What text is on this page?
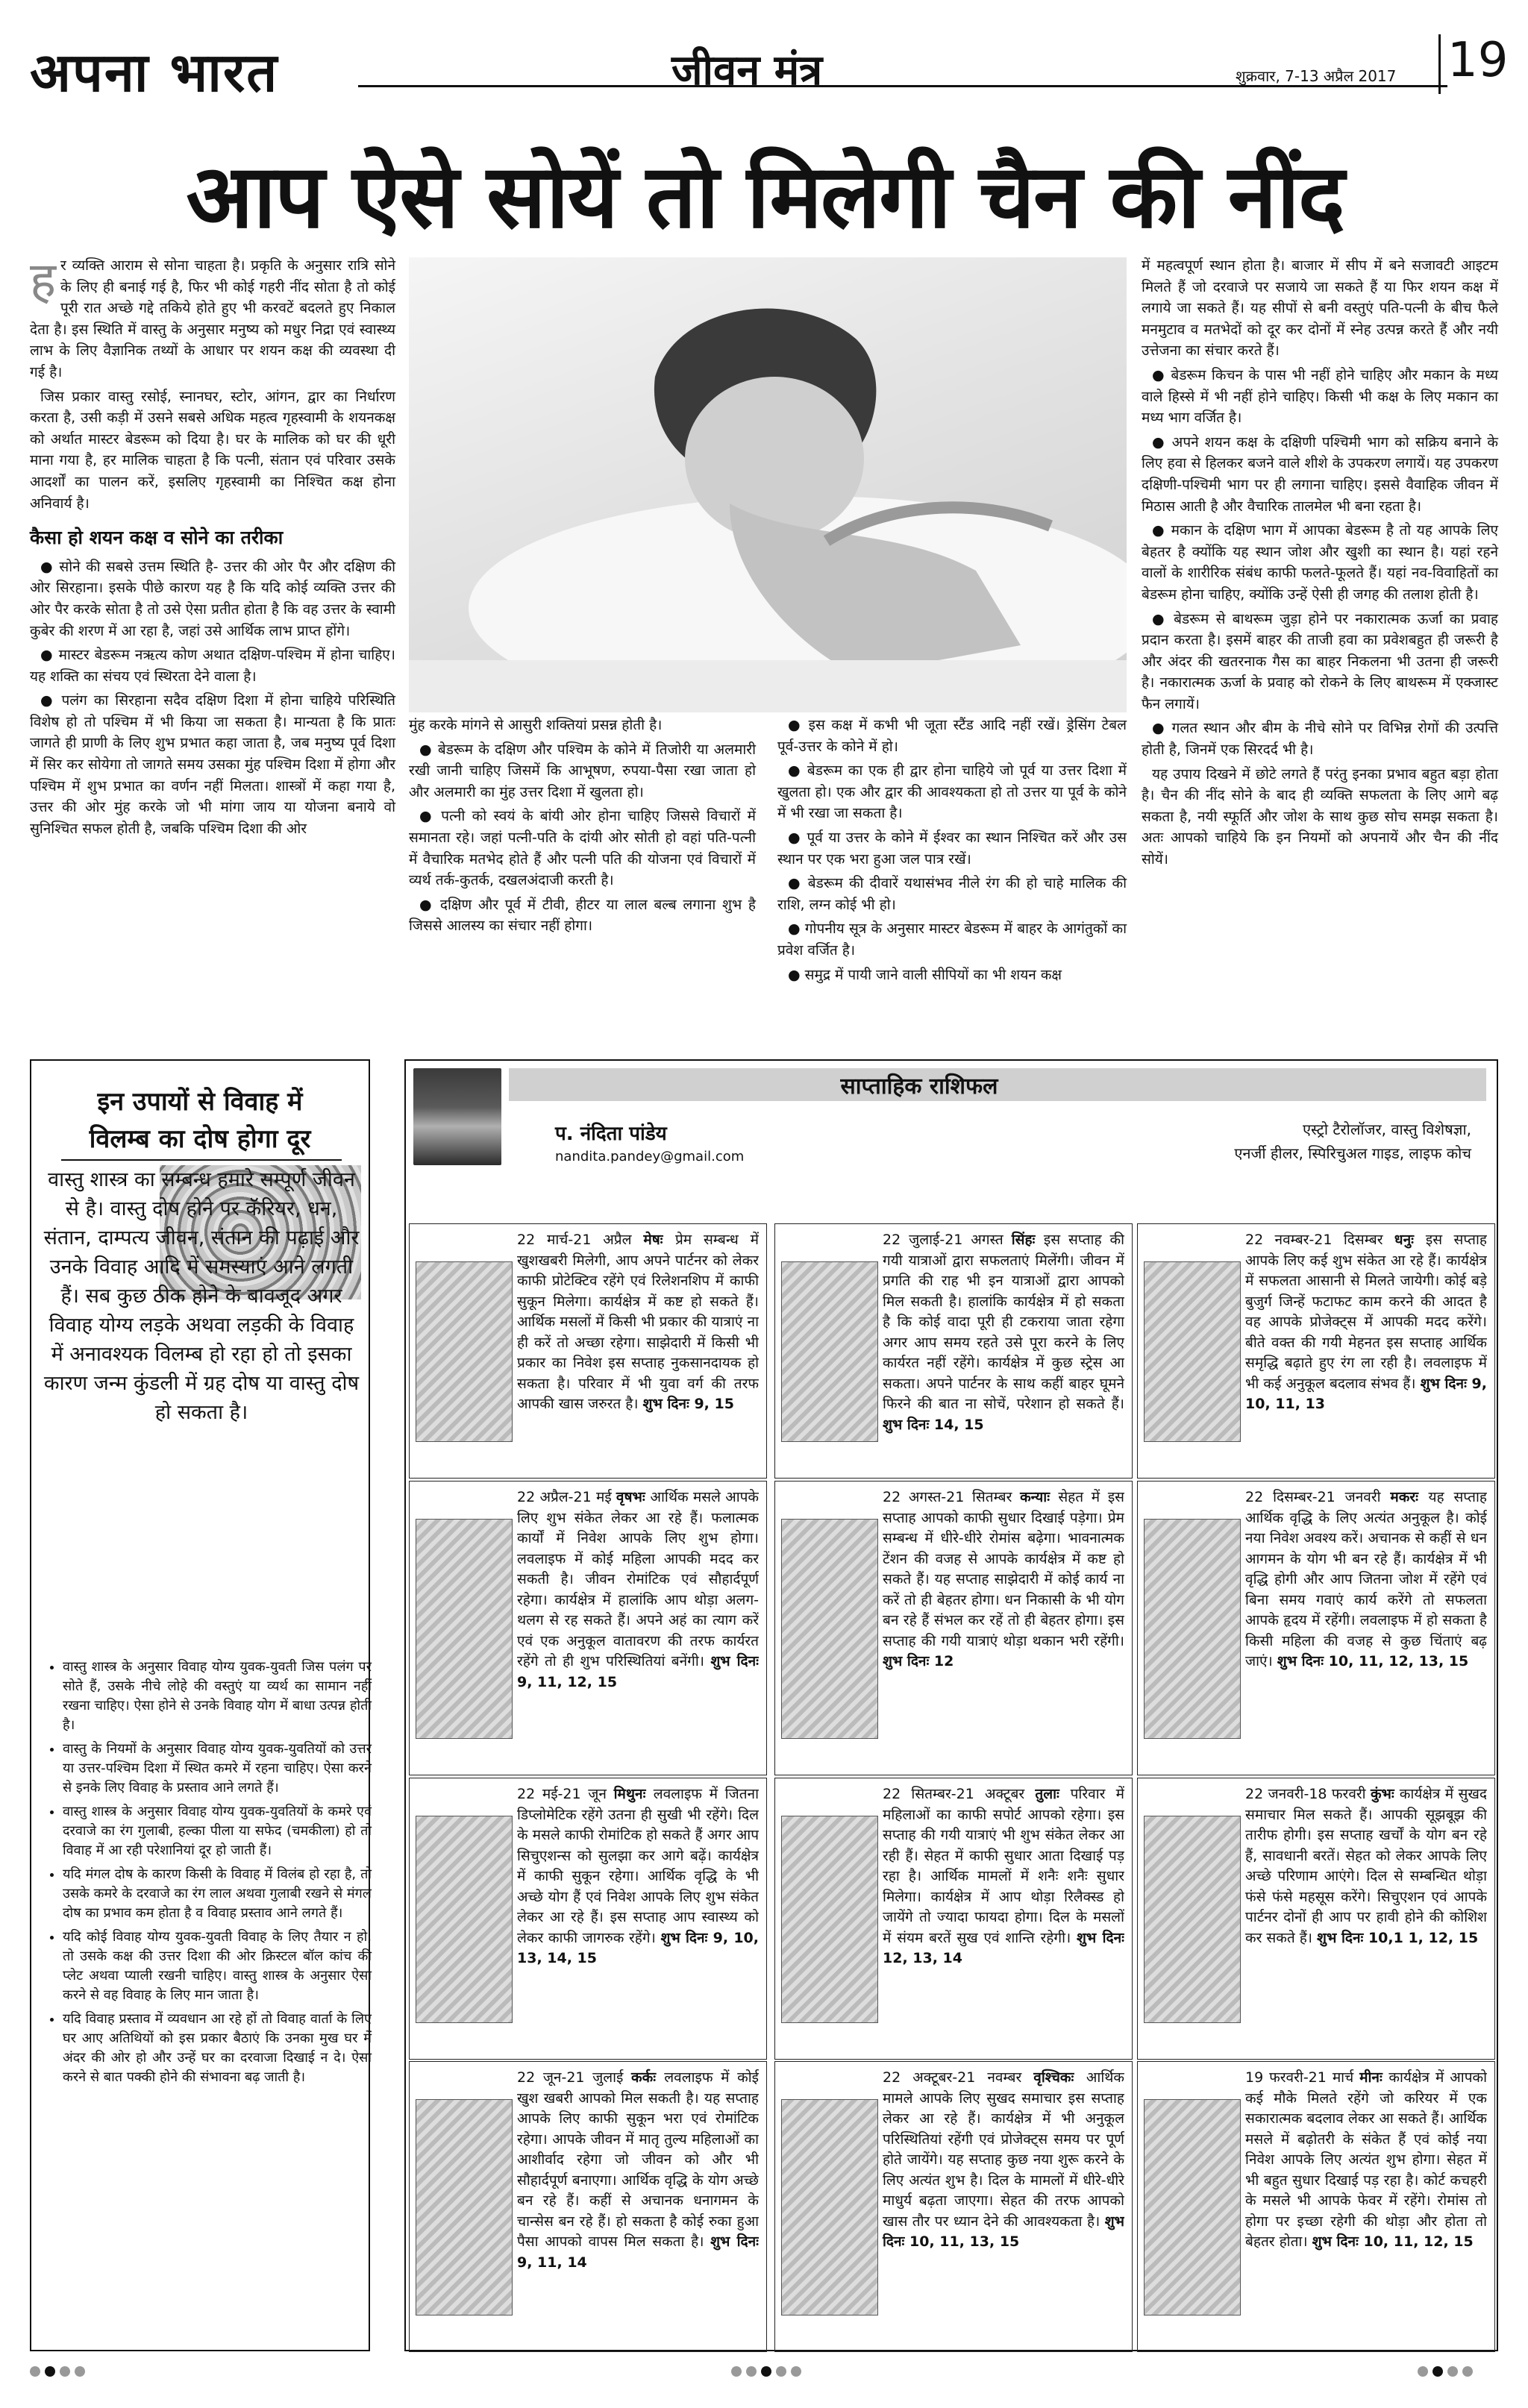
अपना भारत	जीवन मंत्र	शुक्रवार, 7-13 अप्रैल 2017 19
आप ऐसे सोयें तो मिलेगी चैन की नींद

हर व्यक्ति आराम से सोना चाहता है। प्रकृति के अनुसार रात्रि सोने के लिए ही बनाई गई है, फिर भी कोई गहरी नींद सोता है तो कोई पूरी रात अच्छे गद्दे तकिये होते हुए भी करवटें बदलते हुए निकाल देता है। इस स्थिति में वास्तु के अनुसार मनुष्य को मधुर निद्रा एवं स्वास्थ्य लाभ के लिए वैज्ञानिक तथ्यों के आधार पर शयन कक्ष की व्यवस्था दी गई है।

जिस प्रकार वास्तु रसोई, स्नानघर, स्टोर, आंगन, द्वार का निर्धारण करता है, उसी कड़ी में उसने सबसे अधिक महत्व गृहस्वामी के शयनकक्ष को अर्थात मास्टर बेडरूम को दिया है। घर के मालिक को घर की धूरी माना गया है, हर मालिक चाहता है कि पत्नी, संतान एवं परिवार उसके आदर्शों का पालन करें, इसलिए गृहस्वामी का निश्चित कक्ष होना अनिवार्य है।

कैसा हो शयन कक्ष व सोने का तरीका

● सोने की सबसे उत्तम स्थिति है- उत्तर की ओर पैर और दक्षिण की ओर सिरहाना। इसके पीछे कारण यह है कि यदि कोई व्यक्ति उत्तर की ओर पैर करके सोता है तो उसे ऐसा प्रतीत होता है कि वह उत्तर के स्वामी कुबेर की शरण में आ रहा है, जहां उसे आर्थिक लाभ प्राप्त होंगे।

● मास्टर बेडरूम नऋत्य कोण अथात दक्षिण-पश्चिम में होना चाहिए। यह शक्ति का संचय एवं स्थिरता देने वाला है।

● पलंग का सिरहाना सदैव दक्षिण दिशा में होना चाहिये परिस्थिति विशेष हो तो पश्चिम में भी किया जा सकता है। मान्यता है कि प्रातः जागते ही प्राणी के लिए शुभ प्रभात कहा जाता है, जब मनुष्य पूर्व दिशा में सिर कर सोयेगा तो जागते समय उसका मुंह पश्चिम दिशा में होगा और पश्चिम में शुभ प्रभात का वर्णन नहीं मिलता। शास्त्रों में कहा गया है, उत्तर की ओर मुंह करके जो भी मांगा जाय या योजना बनाये वो सुनिश्चित सफल होती है, जबकि पश्चिम दिशा की ओर

मुंह करके मांगने से आसुरी शक्तियां प्रसन्न होती है।

● बेडरूम के दक्षिण और पश्चिम के कोने में तिजोरी या अलमारी रखी जानी चाहिए जिसमें कि आभूषण, रुपया-पैसा रखा जाता हो और अलमारी का मुंह उत्तर दिशा में खुलता हो।

● पत्नी को स्वयं के बांयी ओर होना चाहिए जिससे विचारों में समानता रहे। जहां पत्नी-पति के दांयी ओर सोती हो वहां पति-पत्नी में वैचारिक मतभेद होते हैं और पत्नी पति की योजना एवं विचारों में व्यर्थ तर्क-कुतर्क, दखलअंदाजी करती है।

● दक्षिण और पूर्व में टीवी, हीटर या लाल बल्ब लगाना शुभ है जिससे आलस्य का संचार नहीं होगा।

● इस कक्ष में कभी भी जूता स्टैंड आदि नहीं रखें। ड्रेसिंग टेबल पूर्व-उत्तर के कोने में हो।

● बेडरूम का एक ही द्वार होना चाहिये जो पूर्व या उत्तर दिशा में खुलता हो। एक और द्वार की आवश्यकता हो तो उत्तर या पूर्व के कोने में भी रखा जा सकता है।

● पूर्व या उत्तर के कोने में ईश्वर का स्थान निश्चित करें और उस स्थान पर एक भरा हुआ जल पात्र रखें।

● बेडरूम की दीवारें यथासंभव नीले रंग की हो चाहे मालिक की राशि, लग्न कोई भी हो।

● गोपनीय सूत्र के अनुसार मास्टर बेडरूम में बाहर के आगंतुकों का प्रवेश वर्जित है।

● समुद्र में पायी जाने वाली सीपियों का भी शयन कक्ष

में महत्वपूर्ण स्थान होता है। बाजार में सीप में बने सजावटी आइटम मिलते हैं जो दरवाजे पर सजाये जा सकते हैं या फिर शयन कक्ष में लगाये जा सकते हैं। यह सीपों से बनी वस्तुएं पति-पत्नी के बीच फैले मनमुटाव व मतभेदों को दूर कर दोनों में स्नेह उत्पन्न करते हैं और नयी उत्तेजना का संचार करते हैं।

● बेडरूम किचन के पास भी नहीं होने चाहिए और मकान के मध्य वाले हिस्से में भी नहीं होने चाहिए। किसी भी कक्ष के लिए मकान का मध्य भाग वर्जित है।

● अपने शयन कक्ष के दक्षिणी पश्चिमी भाग को सक्रिय बनाने के लिए हवा से हिलकर बजने वाले शीशे के उपकरण लगायें। यह उपकरण दक्षिणी-पश्चिमी भाग पर ही लगाना चाहिए। इससे वैवाहिक जीवन में मिठास आती है और वैचारिक तालमेल भी बना रहता है।

● मकान के दक्षिण भाग में आपका बेडरूम है तो यह आपके लिए बेहतर है क्योंकि यह स्थान जोश और खुशी का स्थान है। यहां रहने वालों के शारीरिक संबंध काफी फलते-फूलते हैं। यहां नव-विवाहितों का बेडरूम होना चाहिए, क्योंकि उन्हें ऐसी ही जगह की तलाश होती है।

● बेडरूम से बाथरूम जुड़ा होने पर नकारात्मक ऊर्जा का प्रवाह प्रदान करता है। इसमें बाहर की ताजी हवा का प्रवेशबहुत ही जरूरी है और अंदर की खतरनाक गैस का बाहर निकलना भी उतना ही जरूरी है। नकारात्मक ऊर्जा के प्रवाह को रोकने के लिए बाथरूम में एक्जास्ट फैन लगायें।

● गलत स्थान और बीम के नीचे सोने पर विभिन्न रोगों की उत्पत्ति होती है, जिनमें एक सिरदर्द भी है।

यह उपाय दिखने में छोटे लगते हैं परंतु इनका प्रभाव बहुत बड़ा होता है। चैन की नींद सोने के बाद ही व्यक्ति सफलता के लिए आगे बढ़ सकता है, नयी स्फूर्ति और जोश के साथ कुछ सोच समझ सकता है। अतः आपको चाहिये कि इन नियमों को अपनायें और चैन की नींद सोयें।

इन उपायों से विवाह में
विलम्ब का दोष होगा दूर
वास्तु शास्त्र का सम्बन्ध हमारे सम्पूर्ण जीवन से है। वास्तु दोष होने पर कॅरियर, धन, संतान, दाम्पत्य जीवन, संतान की पढ़ाई और उनके विवाह आदि में समस्याएं आने लगती हैं। सब कुछ ठीक होने के बावजूद अगर विवाह योग्य लड़के अथवा लड़की के विवाह में अनावश्यक विलम्ब हो रहा हो तो इसका कारण जन्म कुंडली में ग्रह दोष या वास्तु दोष हो सकता है।
• वास्तु शास्त्र के अनुसार विवाह योग्य युवक-युवती जिस पलंग पर सोते हैं, उसके नीचे लोहे की वस्तुएं या व्यर्थ का सामान नहीं रखना चाहिए। ऐसा होने से उनके विवाह योग में बाधा उत्पन्न होती है।
• वास्तु के नियमों के अनुसार विवाह योग्य युवक-युवतियों को उत्तर या उत्तर-पश्चिम दिशा में स्थित कमरे में रहना चाहिए। ऐसा करने से इनके लिए विवाह के प्रस्ताव आने लगते हैं।
• वास्तु शास्त्र के अनुसार विवाह योग्य युवक-युवतियों के कमरे एवं दरवाजे का रंग गुलाबी, हल्का पीला या सफेद (चमकीला) हो तो विवाह में आ रही परेशानियां दूर हो जाती हैं।
• यदि मंगल दोष के कारण किसी के विवाह में विलंब हो रहा है, तो उसके कमरे के दरवाजे का रंग लाल अथवा गुलाबी रखने से मंगल दोष का प्रभाव कम होता है व विवाह प्रस्ताव आने लगते हैं।
• यदि कोई विवाह योग्य युवक-युवती विवाह के लिए तैयार न हो, तो उसके कक्ष की उत्तर दिशा की ओर क्रिस्टल बॉल कांच की प्लेट अथवा प्याली रखनी चाहिए। वास्तु शास्त्र के अनुसार ऐसा करने से वह विवाह के लिए मान जाता है।
• यदि विवाह प्रस्ताव में व्यवधान आ रहे हों तो विवाह वार्ता के लिए घर आए अतिथियों को इस प्रकार बैठाएं कि उनका मुख घर में अंदर की ओर हो और उन्हें घर का दरवाजा दिखाई न दे। ऐसा करने से बात पक्की होने की संभावना बढ़ जाती है।
साप्ताहिक राशिफल
प. नंदिता पांडेय
nandita.pandey@gmail.com
एस्ट्रो टैरोलॉजर, वास्तु विशेषज्ञा,
एनर्जी हीलर, स्पिरिचुअल गाइड, लाइफ कोच
22 मार्च-21 अप्रैल मेषः
प्रेम सम्बन्ध में खुशखबरी मिलेगी, आप अपने पार्टनर को लेकर काफी प्रोटेक्टिव रहेंगे एवं रिलेशनशिप में काफी सुकून मिलेगा। कार्यक्षेत्र में कष्ट हो सकते हैं। आर्थिक मसलों में किसी भी प्रकार की यात्राएं ना ही करें तो अच्छा रहेगा। साझेदारी में किसी भी प्रकार का निवेश इस सप्ताह नुकसानदायक हो सकता है। परिवार में भी युवा वर्ग की तरफ आपकी खास जरुरत है। शुभ दिनः 9, 15
22 जुलाई-21 अगस्त सिंहः
इस सप्ताह की गयी यात्राओं द्वारा सफलताएं मिलेंगी। जीवन में प्रगति की राह भी इन यात्राओं द्वारा आपको मिल सकती है। हालांकि कार्यक्षेत्र में हो सकता है कि कोई वादा पूरी ही टकराया जाता रहेगा अगर आप समय रहते उसे पूरा करने के लिए कार्यरत नहीं रहेंगे। कार्यक्षेत्र में कुछ स्ट्रेस आ सकता। अपने पार्टनर के साथ कहीं बाहर घूमने फिरने की बात ना सोचें, परेशान हो सकते हैं। शुभ दिनः 14, 15
22 नवम्बर-21 दिसम्बर धनुः
इस सप्ताह आपके लिए कई शुभ संकेत आ रहे हैं। कार्यक्षेत्र में सफलता आसानी से मिलते जायेगी। कोई बड़े बुजुर्ग जिन्हें फटाफट काम करने की आदत है वह आपके प्रोजेक्ट्स में आपकी मदद करेंगे। बीते वक्त की गयी मेहनत इस सप्ताह आर्थिक समृद्धि बढ़ाते हुए रंग ला रही है। लवलाइफ में भी कई अनुकूल बदलाव संभव हैं। शुभ दिनः 9, 10, 11, 13
22 अप्रैल-21 मई वृषभः
आर्थिक मसले आपके लिए शुभ संकेत लेकर आ रहे हैं। फलात्मक कार्यों में निवेश आपके लिए शुभ होगा। लवलाइफ में कोई महिला आपकी मदद कर सकती है। जीवन रोमांटिक एवं सौहार्दपूर्ण रहेगा। कार्यक्षेत्र में हालांकि आप थोड़ा अलग-थलग से रह सकते हैं। अपने अहं का त्याग करें एवं एक अनुकूल वातावरण की तरफ कार्यरत रहेंगे तो ही शुभ परिस्थितियां बनेंगी। शुभ दिनः 9, 11, 12, 15
22 अगस्त-21 सितम्बर कन्याः
सेहत में इस सप्ताह आपको काफी सुधार दिखाई पड़ेगा। प्रेम सम्बन्ध में धीरे-धीरे रोमांस बढ़ेगा। भावनात्मक टेंशन की वजह से आपके कार्यक्षेत्र में कष्ट हो सकते हैं। यह सप्ताह साझेदारी में कोई कार्य ना करें तो ही बेहतर होगा। धन निकासी के भी योग बन रहे हैं संभल कर रहें तो ही बेहतर होगा। इस सप्ताह की गयी यात्राएं थोड़ा थकान भरी रहेंगी। शुभ दिनः 12
22 दिसम्बर-21 जनवरी मकरः
यह सप्ताह आर्थिक वृद्धि के लिए अत्यंत अनुकूल है। कोई नया निवेश अवश्य करें। अचानक से कहीं से धन आगमन के योग भी बन रहे हैं। कार्यक्षेत्र में भी वृद्धि होगी और आप जितना जोश में रहेंगे एवं बिना समय गवाएं कार्य करेंगे तो सफलता आपके हृदय में रहेंगी। लवलाइफ में हो सकता है किसी महिला की वजह से कुछ चिंताएं बढ़ जाएं। शुभ दिनः 10, 11, 12, 13, 15
22 मई-21 जून मिथुनः
लवलाइफ में जितना डिप्लोमेटिक रहेंगे उतना ही सुखी भी रहेंगे। दिल के मसले काफी रोमांटिक हो सकते हैं अगर आप सिचुएशन्स को सुलझा कर आगे बढ़ें। कार्यक्षेत्र में काफी सुकून रहेगा। आर्थिक वृद्धि के भी अच्छे योग हैं एवं निवेश आपके लिए शुभ संकेत लेकर आ रहे हैं। इस सप्ताह आप स्वास्थ्य को लेकर काफी जागरुक रहेंगे। शुभ दिनः 9, 10, 13, 14, 15
22 सितम्बर-21 अक्टूबर तुलाः
परिवार में महिलाओं का काफी सपोर्ट आपको रहेगा। इस सप्ताह की गयी यात्राएं भी शुभ संकेत लेकर आ रही हैं। सेहत में काफी सुधार आता दिखाई पड़ रहा है। आर्थिक मामलों में शनैः शनैः सुधार मिलेगा। कार्यक्षेत्र में आप थोड़ा रिलैक्स्ड हो जायेंगे तो ज्यादा फायदा होगा। दिल के मसलों में संयम बरतें सुख एवं शान्ति रहेगी। शुभ दिनः 12, 13, 14
22 जनवरी-18 फरवरी कुंभः
कार्यक्षेत्र में सुखद समाचार मिल सकते हैं। आपकी सूझबूझ की तारीफ होगी। इस सप्ताह खर्चों के योग बन रहे हैं, सावधानी बरतें। सेहत को लेकर आपके लिए अच्छे परिणाम आएंगे। दिल से सम्बन्धित थोड़ा फंसे फंसे महसूस करेंगे। सिचुएशन एवं आपके पार्टनर दोनों ही आप पर हावी होने की कोशिश कर सकते हैं। शुभ दिनः 10,1 1, 12, 15
22 जून-21 जुलाई कर्कः
लवलाइफ में कोई खुश खबरी आपको मिल सकती है। यह सप्ताह आपके लिए काफी सुकून भरा एवं रोमांटिक रहेगा। आपके जीवन में मातृ तुल्य महिलाओं का आशीर्वाद रहेगा जो जीवन को और भी सौहार्दपूर्ण बनाएगा। आर्थिक वृद्धि के योग अच्छे बन रहे हैं। कहीं से अचानक धनागमन के चान्सेस बन रहे हैं। हो सकता है कोई रुका हुआ पैसा आपको वापस मिल सकता है। शुभ दिनः 9, 11, 14
22 अक्टूबर-21 नवम्बर वृश्चिकः
आर्थिक मामले आपके लिए सुखद समाचार इस सप्ताह लेकर आ रहे हैं। कार्यक्षेत्र में भी अनुकूल परिस्थितियां रहेंगी एवं प्रोजेक्ट्स समय पर पूर्ण होते जायेंगे। यह सप्ताह कुछ नया शुरू करने के लिए अत्यंत शुभ है। दिल के मामलों में धीरे-धीरे माधुर्य बढ़ता जाएगा। सेहत की तरफ आपको खास तौर पर ध्यान देने की आवश्यकता है। शुभ दिनः 10, 11, 13, 15
19 फरवरी-21 मार्च मीनः
कार्यक्षेत्र में आपको कई मौके मिलते रहेंगे जो करियर में एक सकारात्मक बदलाव लेकर आ सकते हैं। आर्थिक मसले में बढ़ोतरी के संकेत हैं एवं कोई नया निवेश आपके लिए अत्यंत शुभ होगा। सेहत में भी बहुत सुधार दिखाई पड़ रहा है। कोर्ट कचहरी के मसले भी आपके फेवर में रहेंगे। रोमांस तो होगा पर इच्छा रहेगी की थोड़ा और होता तो बेहतर होता। शुभ दिनः 10, 11, 12, 15
